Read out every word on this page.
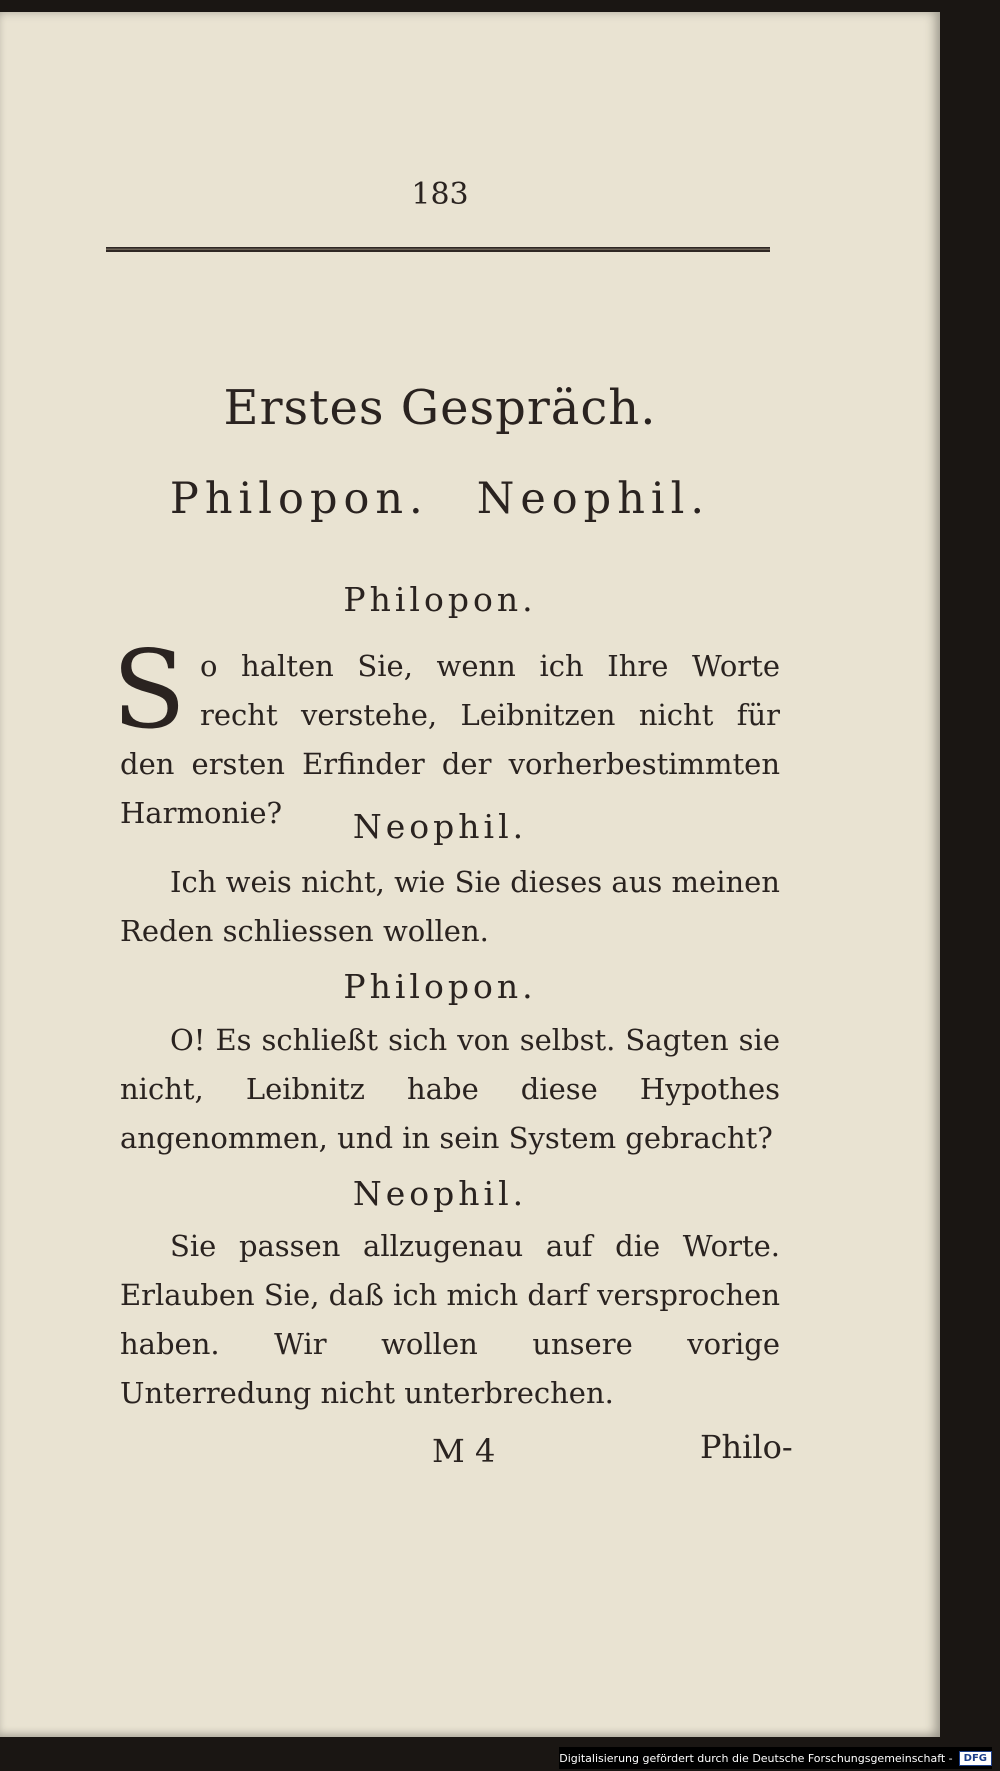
183
Erstes Gespräch.
Philopon. Neophil.
Philopon.
So halten Sie, wenn ich Ihre Worte recht verstehe, Leibnitzen nicht für den ersten Erfinder der vorherbestimmten Harmonie?	Neophil.
Ich weis nicht, wie Sie dieses aus meinen Reden schliessen wollen.
Philopon.
O! Es schließt sich von selbst. Sagten sie nicht, Leibnitz habe diese Hypothes angenommen, und in sein System gebracht?
Neophil.
Sie passen allzugenau auf die Worte. Erlauben Sie, daß ich mich darf versprochen haben. Wir wollen unsere vorige Unterredung nicht unterbrechen.
M 4	Philo-
Digitalisierung gefördert durch die Deutsche Forschungsgemeinschaft -	DFG
